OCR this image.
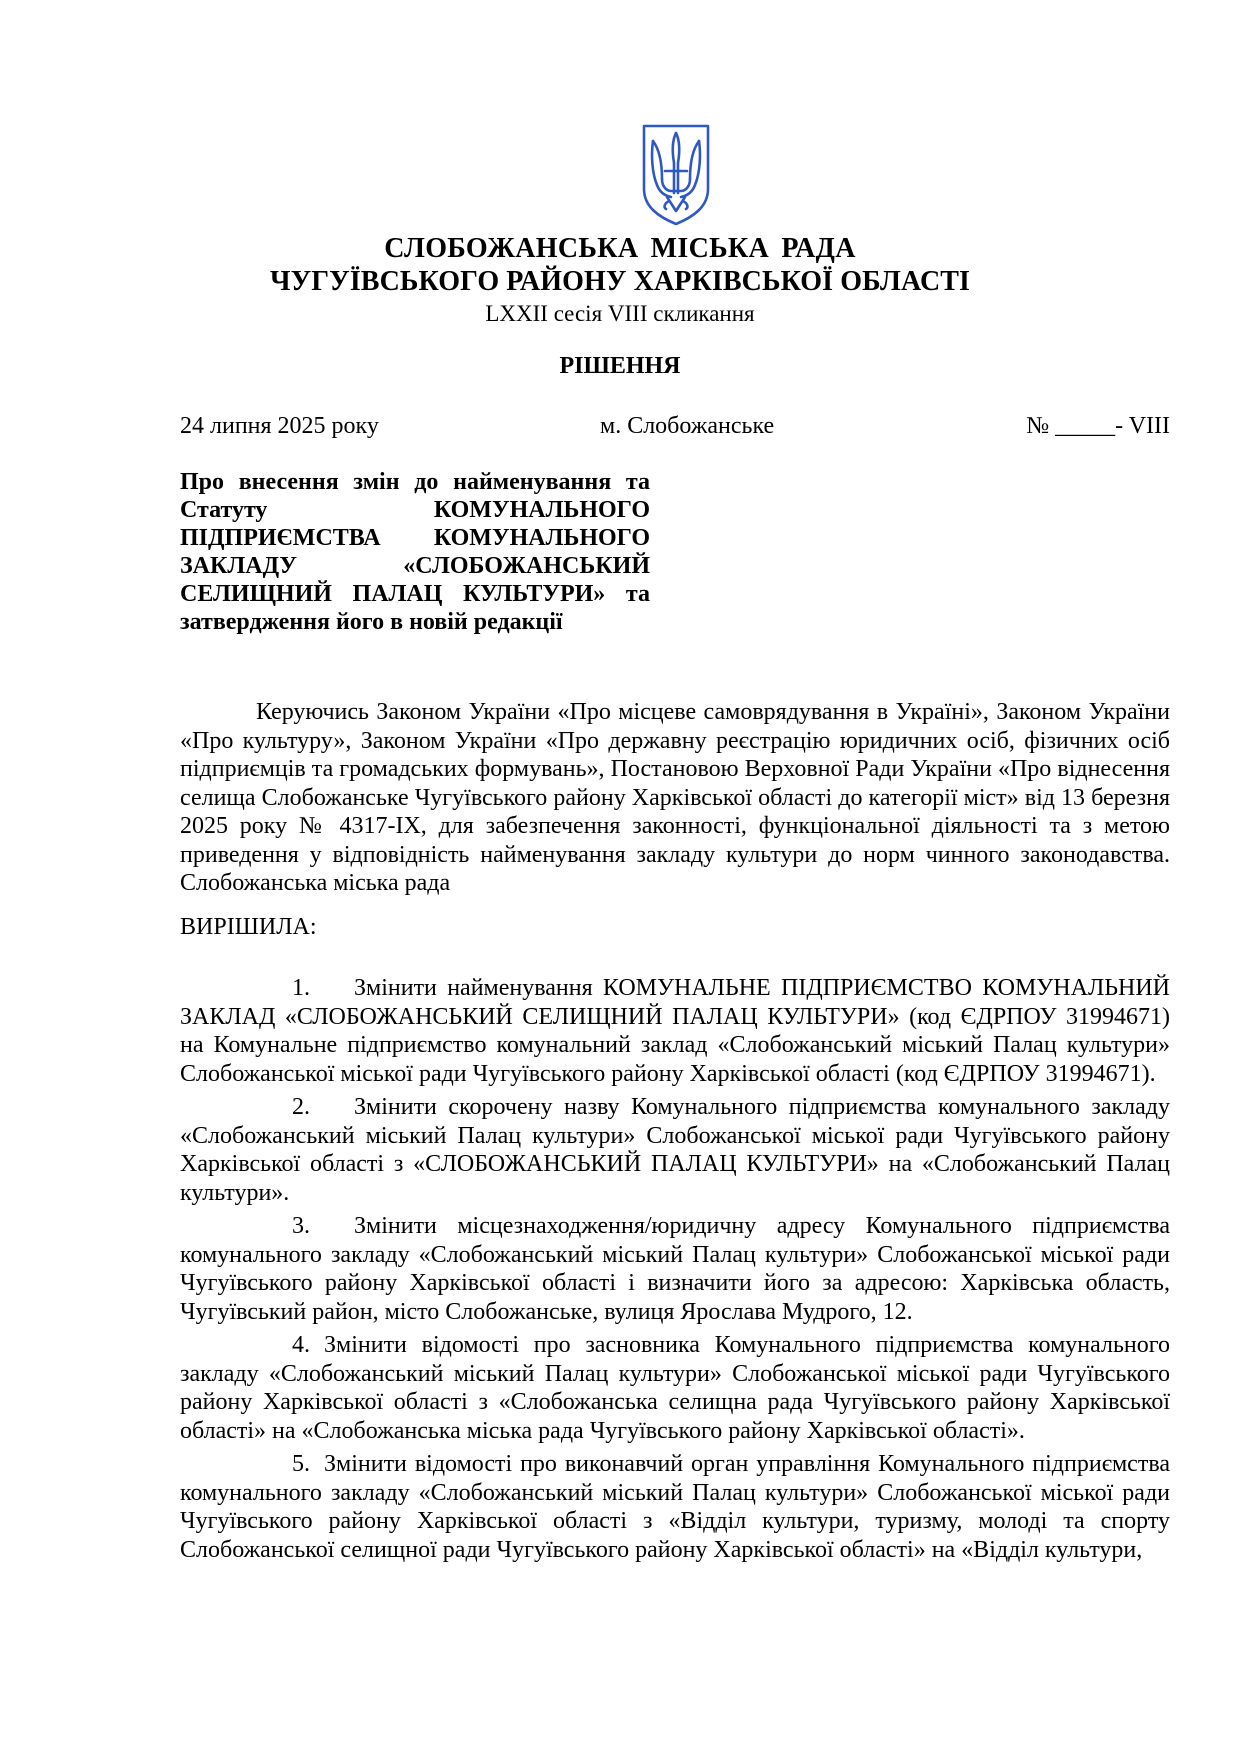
СЛОБОЖАНСЬКА МІСЬКА РАДА

ЧУГУЇВСЬКОГО РАЙОНУ ХАРКІВСЬКОЇ ОБЛАСТІ

LXXІI сесія VІII скликання

РІШЕННЯ

24 липня 2025 року	м. Слобожанське	№ _____- VIII

Про внесення змін до найменування та Статуту КОМУНАЛЬНОГО ПІДПРИЄМСТВА КОМУНАЛЬНОГО ЗАКЛАДУ «СЛОБОЖАНСЬКИЙ СЕЛИЩНИЙ ПАЛАЦ КУЛЬТУРИ» та затвердження його в новій редакції

Керуючись Законом України «Про місцеве самоврядування в Україні», Законом України «Про культуру», Законом України «Про державну реєстрацію юридичних осіб, фізичних осіб підприємців та громадських формувань», Постановою Верховної Ради України «Про віднесення селища Слобожанське Чугуївського району Харківської області до категорії міст» від 13 березня 2025 року № 4317-ІХ, для забезпечення законності, функціональної діяльності та з метою приведення у відповідність найменування закладу культури до норм чинного законодавства. Слобожанська міська рада

ВИРІШИЛА:

1. Змінити найменування КОМУНАЛЬНЕ ПІДПРИЄМСТВО КОМУНАЛЬНИЙ ЗАКЛАД «СЛОБОЖАНСЬКИЙ СЕЛИЩНИЙ ПАЛАЦ КУЛЬТУРИ» (код ЄДРПОУ 31994671) на Комунальне підприємство комунальний заклад «Слобожанський міський Палац культури» Слобожанської міської ради Чугуївського району Харківської області (код ЄДРПОУ 31994671).

2. Змінити скорочену назву Комунального підприємства комунального закладу «Слобожанський міський Палац культури» Слобожанської міської ради Чугуївського району Харківської області з «СЛОБОЖАНСЬКИЙ ПАЛАЦ КУЛЬТУРИ» на «Слобожанський Палац культури».

3. Змінити місцезнаходження/юридичну адресу Комунального підприємства комунального закладу «Слобожанський міський Палац культури» Слобожанської міської ради Чугуївського району Харківської області і визначити його за адресою: Харківська область, Чугуївський район, місто Слобожанське, вулиця Ярослава Мудрого, 12.

4. Змінити відомості про засновника Комунального підприємства комунального закладу «Слобожанський міський Палац культури» Слобожанської міської ради Чугуївського району Харківської області з «Слобожанська селищна рада Чугуївського району Харківської області» на «Слобожанська міська рада Чугуївського району Харківської області».

5. Змінити відомості про виконавчий орган управління Комунального підприємства комунального закладу «Слобожанський міський Палац культури» Слобожанської міської ради Чугуївського району Харківської області з «Відділ культури, туризму, молоді та спорту Слобожанської селищної ради Чугуївського району Харківської області» на «Відділ культури,
